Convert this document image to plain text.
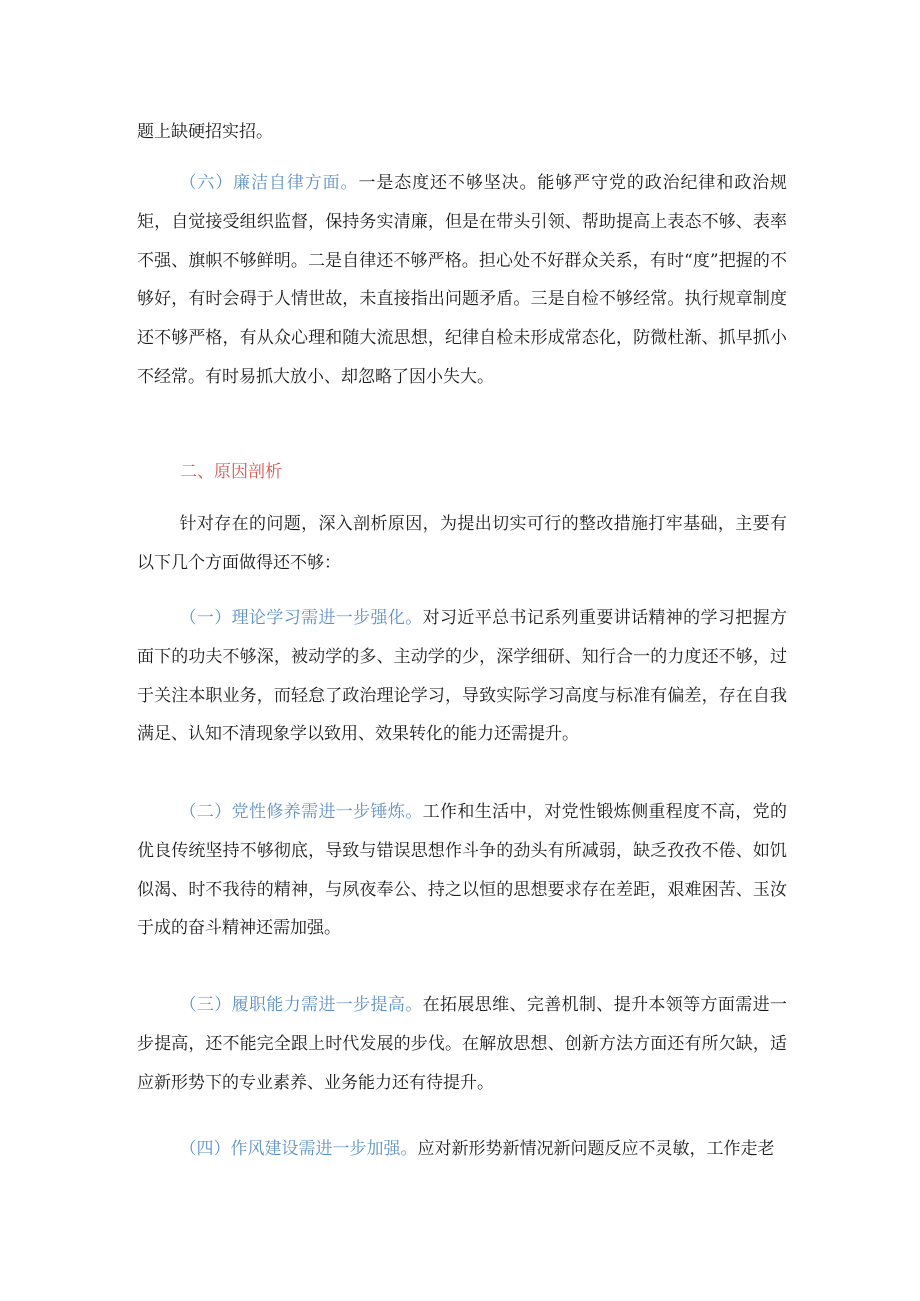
题上缺硬招实招。

（六）廉洁自律方面。一是态度还不够坚决。能够严守党的政治纪律和政治规矩，自觉接受组织监督，保持务实清廉，但是在带头引领、帮助提高上表态不够、表率不强、旗帜不够鲜明。二是自律还不够严格。担心处不好群众关系，有时“度”把握的不够好，有时会碍于人情世故，未直接指出问题矛盾。三是自检不够经常。执行规章制度还不够严格，有从众心理和随大流思想，纪律自检未形成常态化，防微杜渐、抓早抓小不经常。有时易抓大放小、却忽略了因小失大。

二、原因剖析

针对存在的问题，深入剖析原因，为提出切实可行的整改措施打牢基础，主要有以下几个方面做得还不够：

（一）理论学习需进一步强化。对习近平总书记系列重要讲话精神的学习把握方面下的功夫不够深，被动学的多、主动学的少，深学细研、知行合一的力度还不够，过于关注本职业务，而轻怠了政治理论学习，导致实际学习高度与标准有偏差，存在自我满足、认知不清现象学以致用、效果转化的能力还需提升。

（二）党性修养需进一步锤炼。工作和生活中，对党性锻炼侧重程度不高，党的优良传统坚持不够彻底，导致与错误思想作斗争的劲头有所减弱，缺乏孜孜不倦、如饥似渴、时不我待的精神，与夙夜奉公、持之以恒的思想要求存在差距，艰难困苦、玉汝于成的奋斗精神还需加强。

（三）履职能力需进一步提高。在拓展思维、完善机制、提升本领等方面需进一步提高，还不能完全跟上时代发展的步伐。在解放思想、创新方法方面还有所欠缺，适应新形势下的专业素养、业务能力还有待提升。

（四）作风建设需进一步加强。应对新形势新情况新问题反应不灵敏，工作走老
